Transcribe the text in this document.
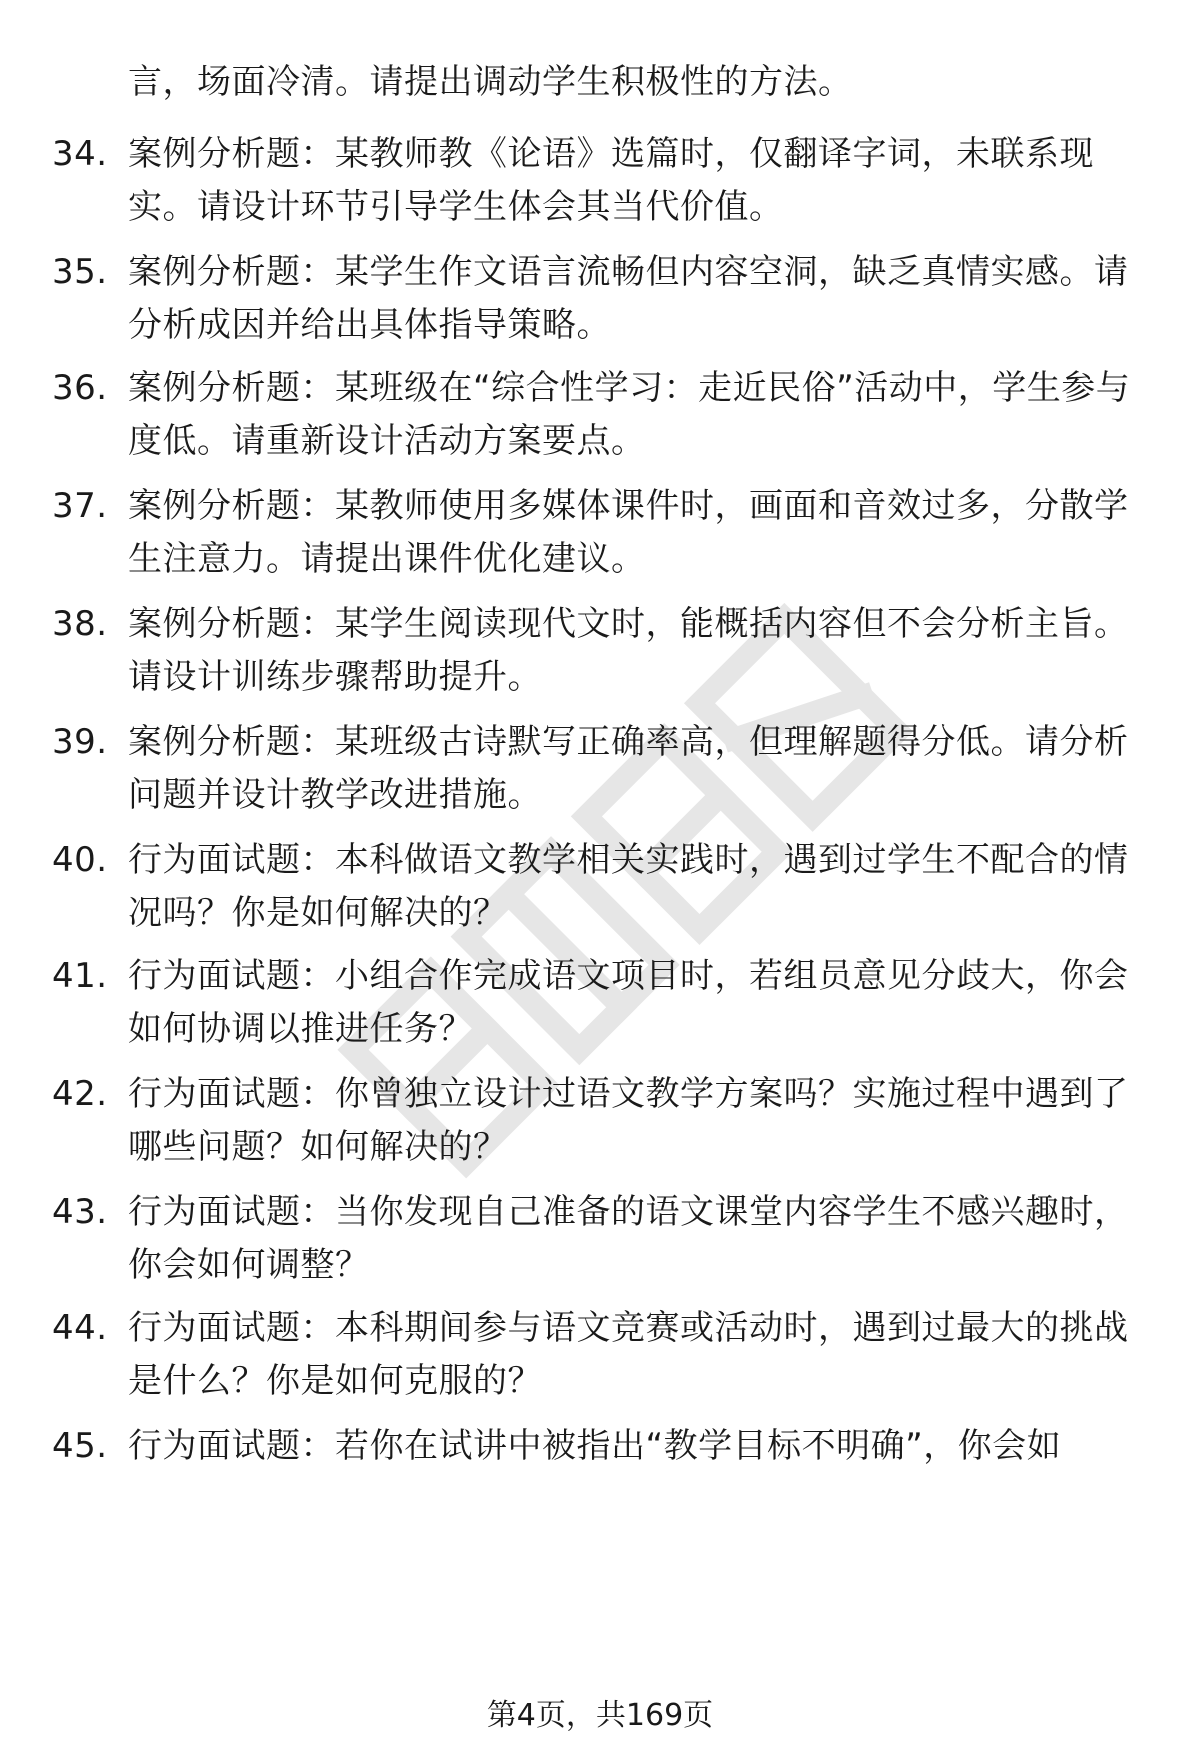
言，场面冷清。请提出调动学生积极性的方法。
34. 案例分析题：某教师教《论语》选篇时，仅翻译字词，未联系现实。请设计环节引导学生体会其当代价值。
35. 案例分析题：某学生作文语言流畅但内容空洞，缺乏真情实感。请分析成因并给出具体指导策略。
36. 案例分析题：某班级在“综合性学习：走近民俗”活动中，学生参与度低。请重新设计活动方案要点。
37. 案例分析题：某教师使用多媒体课件时，画面和音效过多，分散学生注意力。请提出课件优化建议。
38. 案例分析题：某学生阅读现代文时，能概括内容但不会分析主旨。请设计训练步骤帮助提升。
39. 案例分析题：某班级古诗默写正确率高，但理解题得分低。请分析问题并设计教学改进措施。
40. 行为面试题：本科做语文教学相关实践时，遇到过学生不配合的情况吗？你是如何解决的？
41. 行为面试题：小组合作完成语文项目时，若组员意见分歧大，你会如何协调以推进任务？
42. 行为面试题：你曾独立设计过语文教学方案吗？实施过程中遇到了哪些问题？如何解决的？
43. 行为面试题：当你发现自己准备的语文课堂内容学生不感兴趣时，你会如何调整？
44. 行为面试题：本科期间参与语文竞赛或活动时，遇到过最大的挑战是什么？你是如何克服的？
45. 行为面试题：若你在试讲中被指出“教学目标不明确”，你会如
第4页，共169页
